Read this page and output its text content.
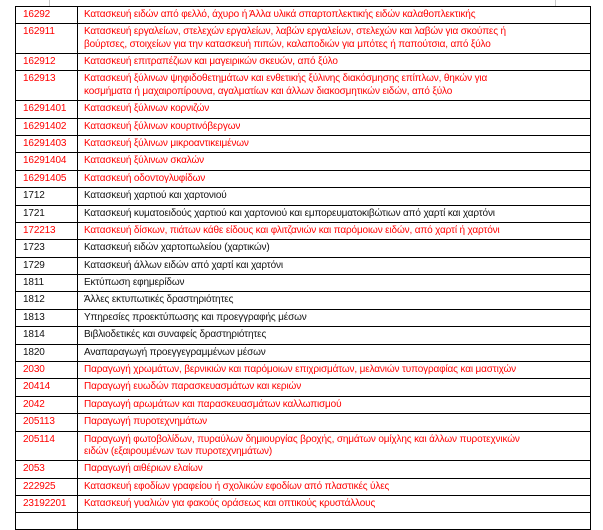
16292	Κατασκευή ειδών από φελλό, άχυρο ή Άλλα υλικά σπαρτοπλεκτικής ειδών καλαθοπλεκτικής

162911	Κατασκευή εργαλείων, στελεχών εργαλείων, λαβών εργαλείων, στελεχών και λαβών για σκούπες ή
βούρτσες, στοιχείων για την κατασκευή πιπών, καλαποδιών για μπότες ή παπούτσια, από ξύλο

162912	Κατασκευή επιτραπέζιων και μαγειρικών σκευών, από ξύλο

162913	Κατασκευή ξύλινων ψηφιδοθετημάτων και ενθετικής ξύλινης διακόσμησης επίπλων, θηκών για
κοσμήματα ή μαχαιροπίρουνα, αγαλματίων και άλλων διακοσμητικών ειδών, από ξύλο

16291401	Κατασκευή ξύλινων κορνιζών

16291402	Κατασκευή ξύλινων κουρτινόβεργων

16291403	Κατασκευή ξύλινων μικροαντικειμένων

16291404	Κατασκευή ξύλινων σκαλών

16291405	Κατασκευή οδοντογλυφίδων

1712	Κατασκευή χαρτιού και χαρτονιού

1721	Κατασκευή κυματοειδούς χαρτιού και χαρτονιού και εμπορευματοκιβώτιων από χαρτί και χαρτόνι

172213	Κατασκευή δίσκων, πιάτων κάθε είδους και φλιτζανιών και παρόμοιων ειδών, από χαρτί ή χαρτόνι

1723	Κατασκευή ειδών χαρτοπωλείου (χαρτικών)

1729	Κατασκευή άλλων ειδών από χαρτί και χαρτόνι

1811	Εκτύπωση εφημερίδων

1812	Άλλες εκτυπωτικές δραστηριότητες

1813	Υπηρεσίες προεκτύπωσης και προεγγραφής μέσων

1814	Βιβλιοδετικές και συναφείς δραστηριότητες

1820	Αναπαραγωγή προεγγεγραμμένων μέσων

2030	Παραγωγή χρωμάτων, βερνικιών και παρόμοιων επιχρισμάτων, μελανιών τυπογραφίας και μαστιχών

20414	Παραγωγή ευωδών παρασκευασμάτων και κεριών

2042	Παραγωγή αρωμάτων και παρασκευασμάτων καλλωπισμού

205113	Παραγωγή πυροτεχνημάτων

205114	Παραγωγή φωτοβολίδων, πυραύλων δημιουργίας βροχής, σημάτων ομίχλης και άλλων πυροτεχνικών
ειδών (εξαιρουμένων των πυροτεχνημάτων)

2053	Παραγωγή αιθέριων ελαίων

222925	Κατασκευή εφοδίων γραφείου ή σχολικών εφοδίων από πλαστικές ύλες

23192201	Κατασκευή γυαλιών για φακούς οράσεως και οπτικούς κρυστάλλους
